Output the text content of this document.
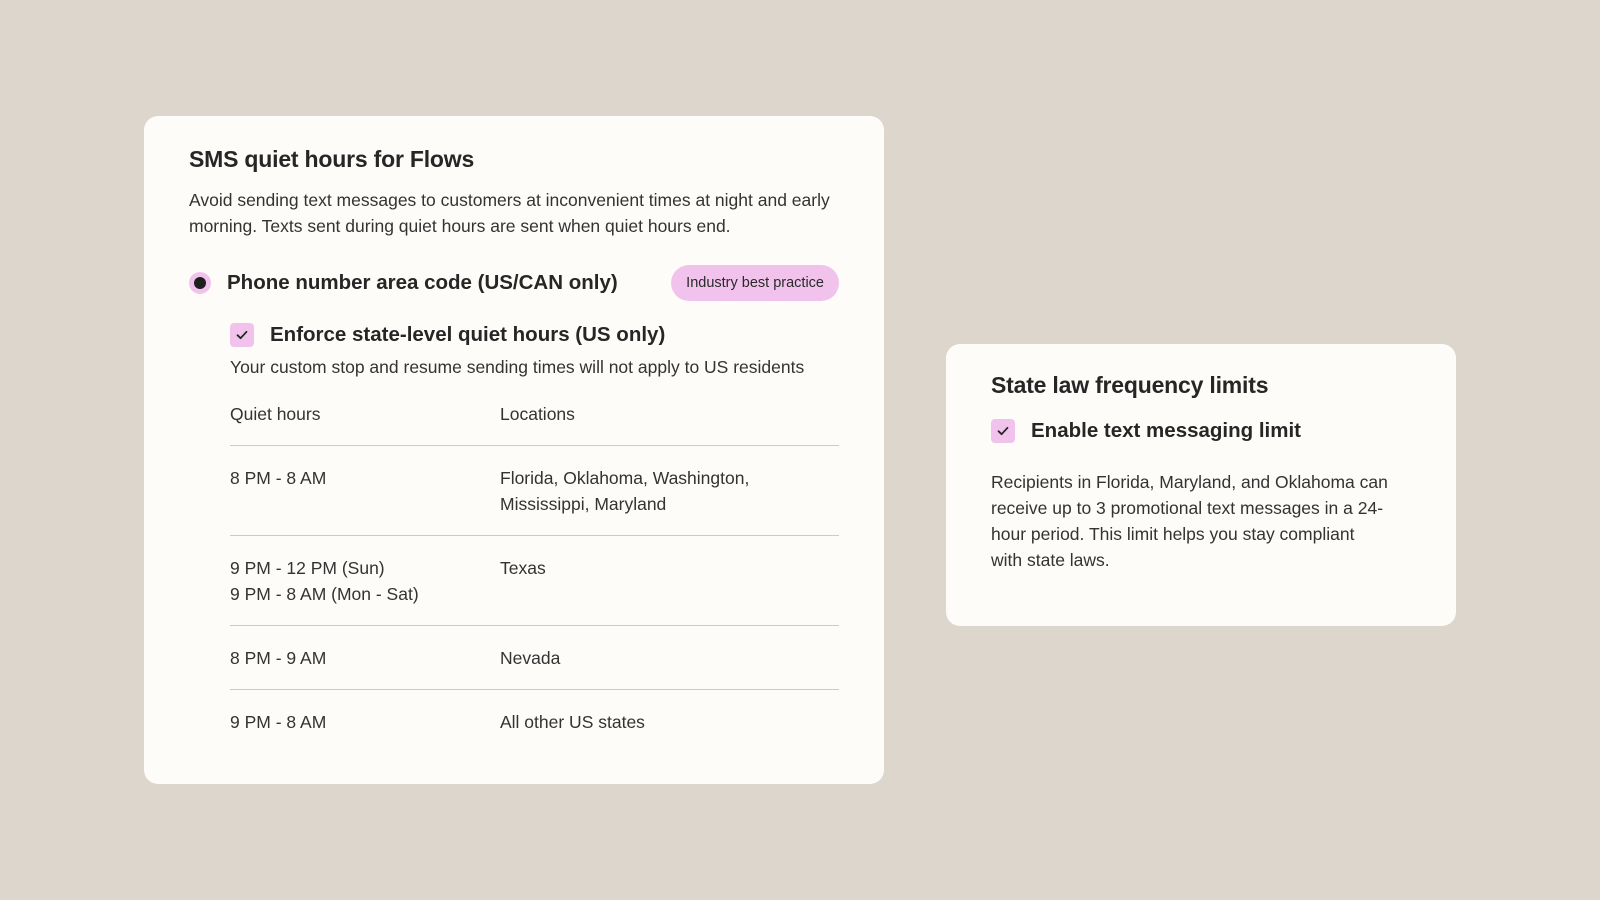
SMS quiet hours for Flows
Avoid sending text messages to customers at inconvenient times at night and early morning. Texts sent during quiet hours are sent when quiet hours end.
Phone number area code (US/CAN only)	Industry best practice
Enforce state-level quiet hours (US only)
Your custom stop and resume sending times will not apply to US residents
Quiet hours	Locations

8 PM - 8 AM	Florida, Oklahoma, Washington,
Mississippi, Maryland

9 PM - 12 PM (Sun)
9 PM - 8 AM (Mon - Sat)	Texas

8 PM - 9 AM	Nevada

9 PM - 8 AM	All other US states
State law frequency limits
Enable text messaging limit
Recipients in Florida, Maryland, and Oklahoma can
receive up to 3 promotional text messages in a 24-
hour period. This limit helps you stay compliant
with state laws.
